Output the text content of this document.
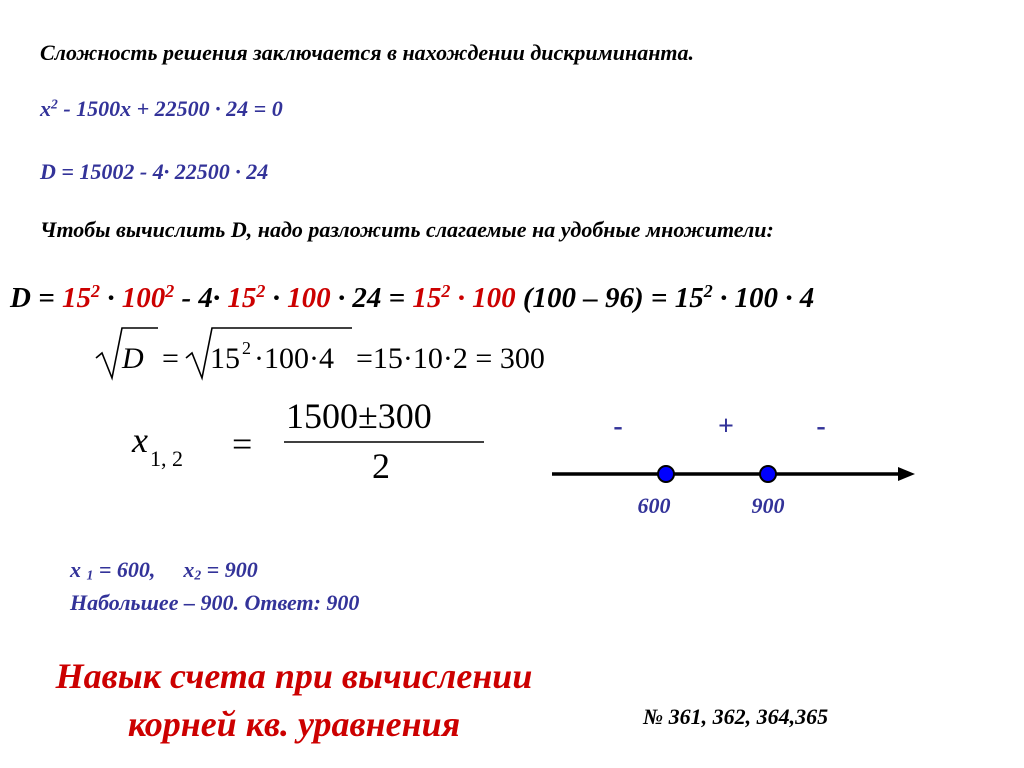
Сложность решения заключается в нахождении дискриминанта.
$x^2 - 1500x + 22500 \cdot 24 = 0$
D = 15002 - 4· 22500 · 24
Чтобы вычислить D, надо разложить слагаемые на удобные множители:
$D = 15^2 \cdot 100^2 - 4\cdot 15^2 \cdot 100 \cdot 24 = 15^2 \cdot 100$ $(100 - 96) = 15^2 \cdot 100 \cdot 4$
D = 15 2 ·100·4 =15·10·2 = 300
x 1, 2 =
1500±300
2
-	+	-
600	900
x $_1$ = 600, $x_2 = 900$
Набольшее – 900. Ответ: 900
Навык счета при вычислении
корней кв. уравнения	№ 361, 362, 364,365
